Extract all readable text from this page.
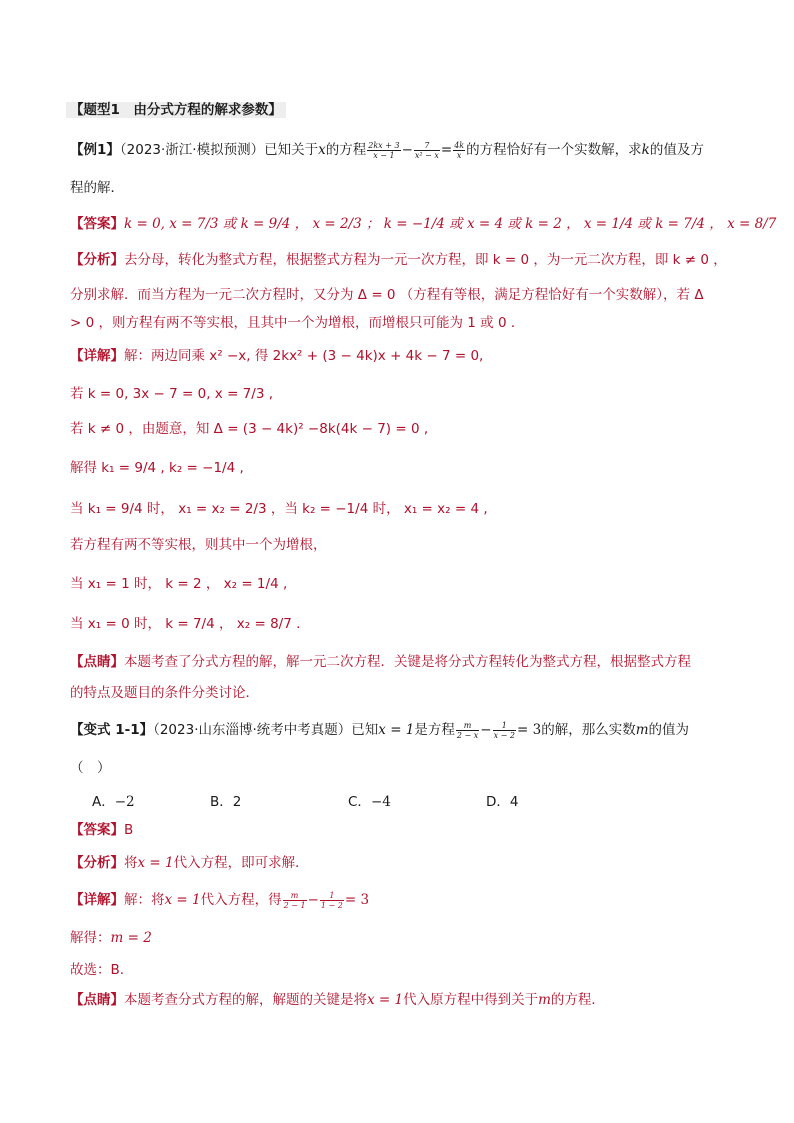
【题型1　由分式方程的解求参数】
【例1】（2023·浙江·模拟预测）已知关于x的方程 $\frac{2kx + 3}{x - 1} - \frac{7}{\text{x² − x}} = \frac{4k}{x}$ 的方程恰好有一个实数解，求k的值及方
程的解．
【答案】k = 0, x = 7/3 或 k = 9/4 ， x = 2/3 ； k = −1/4 或 x = 4 或 k = 2 ， x = 1/4 或 k = 7/4 ， x = 8/7
【分析】去分母，转化为整式方程，根据整式方程为一元一次方程，即 k = 0 ，为一元二次方程，即 k ≠ 0 ，
分别求解．而当方程为一元二次方程时，又分为 Δ = 0 （方程有等根，满足方程恰好有一个实数解），若 Δ
> 0 ，则方程有两不等实根，且其中一个为增根，而增根只可能为 1 或 0 ．
【详解】解：两边同乘 x² −x, 得 2kx² + (3 − 4k)x + 4k − 7 = 0,
若 k = 0, 3x − 7 = 0, x = 7/3 ,
若 k ≠ 0 ，由题意，知 Δ = (3 − 4k)² −8k(4k − 7) = 0 ,
解得 k₁ = 9/4 , k₂ = −1/4 ,
当 k₁ = 9/4 时， x₁ = x₂ = 2/3 ，当 k₂ = −1/4 时， x₁ = x₂ = 4 ,
若方程有两不等实根，则其中一个为增根，
当 x₁ = 1 时， k = 2 ， x₂ = 1/4 ,
当 x₁ = 0 时， k = 7/4 ， x₂ = 8/7 .
【点睛】本题考查了分式方程的解，解一元二次方程．关键是将分式方程转化为整式方程，根据整式方程
的特点及题目的条件分类讨论．
【变式 1-1】（2023·山东淄博·统考中考真题）已知x = 1是方程 $\frac{m}{2 - x} - \frac{1}{x - 2} = 3$的解，那么实数m的值为
（　）
A．−2	B．2	C．−4	D．4
【答案】B
【分析】将x = 1代入方程，即可求解．
【详解】解：将x = 1代入方程，得 $\frac{m}{2 - 1} - \frac{1}{1 - 2} = 3$
解得：m = 2
故选：B.
【点睛】本题考查分式方程的解，解题的关键是将x = 1代入原方程中得到关于m的方程．
